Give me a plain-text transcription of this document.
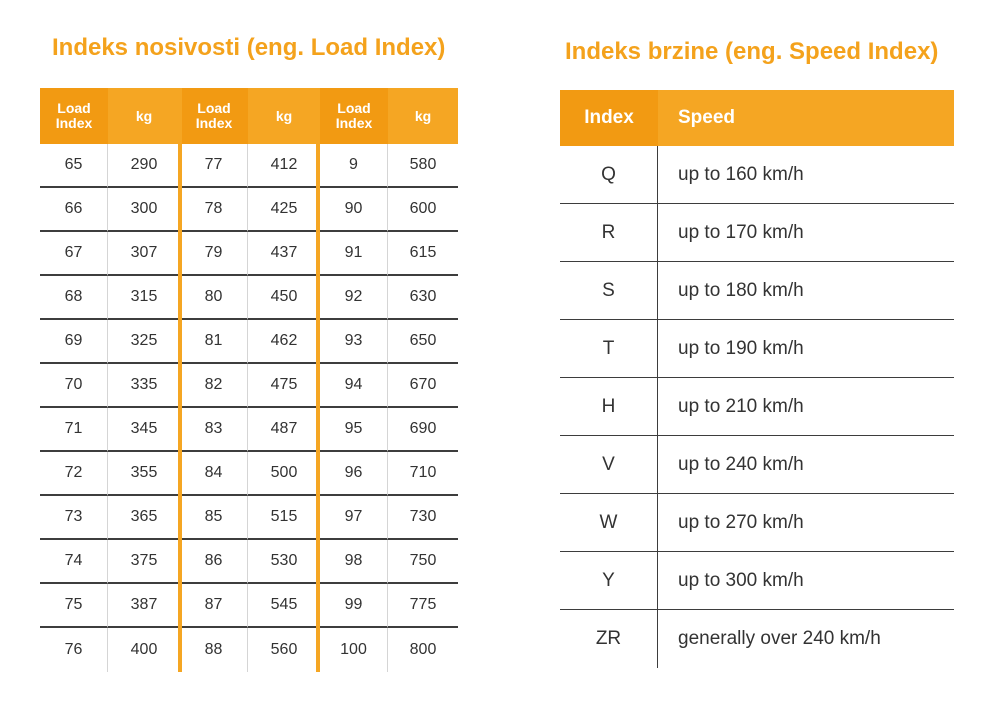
Indeks nosivosti (eng. Load Index)	Indeks brzine (eng. Speed Index)
Load Index	kg	Load Index	kg	Load Index	kg
65	290	77	412	9	580
66	300	78	425	90	600
67	307	79	437	91	615
68	315	80	450	92	630
69	325	81	462	93	650
70	335	82	475	94	670
71	345	83	487	95	690
72	355	84	500	96	710
73	365	85	515	97	730
74	375	86	530	98	750
75	387	87	545	99	775
76	400	88	560	100	800
Index	Speed
Q	up to 160 km/h
R	up to 170 km/h
S	up to 180 km/h
T	up to 190 km/h
H	up to 210 km/h
V	up to 240 km/h
W	up to 270 km/h
Y	up to 300 km/h
ZR	generally over 240 km/h
